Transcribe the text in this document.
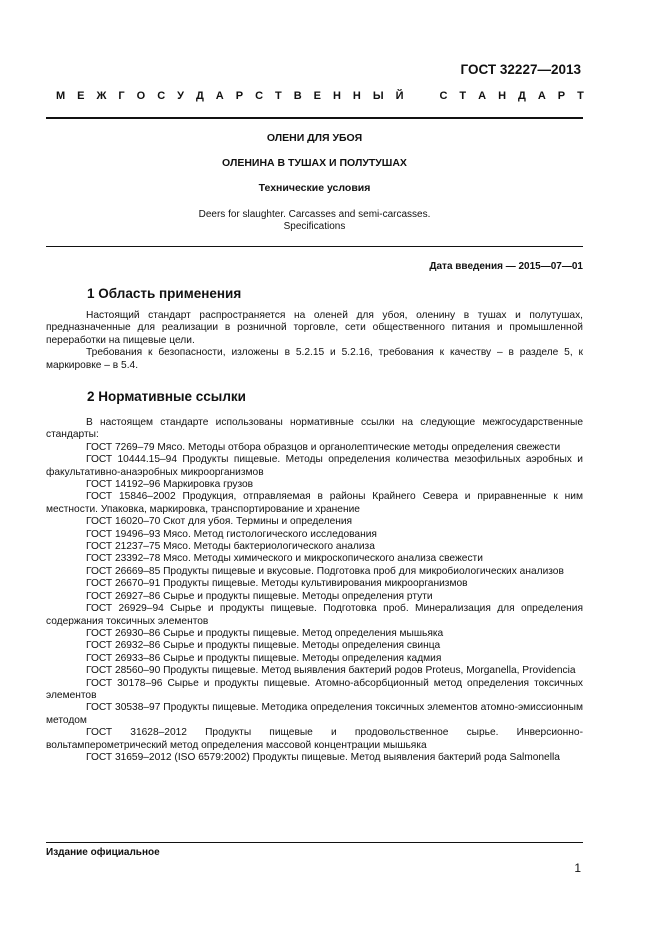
ГОСТ 32227—2013
М Е Ж Г О С У Д А Р С Т В Е Н Н Ы Й	С Т А Н Д А Р Т
ОЛЕНИ ДЛЯ УБОЯ
ОЛЕНИНА В ТУШАХ И ПОЛУТУШАХ
Технические условия
Deers for slaughter. Carcasses and semi-carcasses.
Specifications
Дата введения — 2015—07—01
1 Область применения

Настоящий стандарт распространяется на оленей для убоя, оленину в тушах и полутушах, предназначенные для реализации в розничной торговле, сети общественного питания и промышленной переработки на пищевые цели.

Требования к безопасности, изложены в 5.2.15 и 5.2.16, требования к качеству – в разделе 5, к маркировке – в 5.4.

2 Нормативные ссылки

В настоящем стандарте использованы нормативные ссылки на следующие межгосударственные стандарты:

ГОСТ 7269–79 Мясо. Методы отбора образцов и органолептические методы определения свежести

ГОСТ 10444.15–94 Продукты пищевые. Методы определения количества мезофильных аэробных и факультативно-анаэробных микроорганизмов

ГОСТ 14192–96 Маркировка грузов

ГОСТ 15846–2002 Продукция, отправляемая в районы Крайнего Севера и приравненные к ним местности. Упаковка, маркировка, транспортирование и хранение

ГОСТ 16020–70 Скот для убоя. Термины и определения

ГОСТ 19496–93 Мясо. Метод гистологического исследования

ГОСТ 21237–75 Мясо. Методы бактериологического анализа

ГОСТ 23392–78 Мясо. Методы химического и микроскопического анализа свежести

ГОСТ 26669–85 Продукты пищевые и вкусовые. Подготовка проб для микробиологических анализов

ГОСТ 26670–91 Продукты пищевые. Методы культивирования микроорганизмов

ГОСТ 26927–86 Сырье и продукты пищевые. Методы определения ртути

ГОСТ 26929–94 Сырье и продукты пищевые. Подготовка проб. Минерализация для определения содержания токсичных элементов

ГОСТ 26930–86 Сырье и продукты пищевые. Метод определения мышьяка

ГОСТ 26932–86 Сырье и продукты пищевые. Методы определения свинца

ГОСТ 26933–86 Сырье и продукты пищевые. Методы определения кадмия

ГОСТ 28560–90 Продукты пищевые. Метод выявления бактерий родов Proteus, Morganella, Providencia

ГОСТ 30178–96 Сырье и продукты пищевые. Атомно-абсорбционный метод определения токсичных элементов

ГОСТ 30538–97 Продукты пищевые. Методика определения токсичных элементов атомно-эмиссионным методом

ГОСТ 31628–2012 Продукты пищевые и продовольственное сырье. Инверсионно-вольтамперометрический метод определения массовой концентрации мышьяка

ГОСТ 31659–2012 (ISO 6579:2002) Продукты пищевые. Метод выявления бактерий рода Salmonella

Издание официальное
1
